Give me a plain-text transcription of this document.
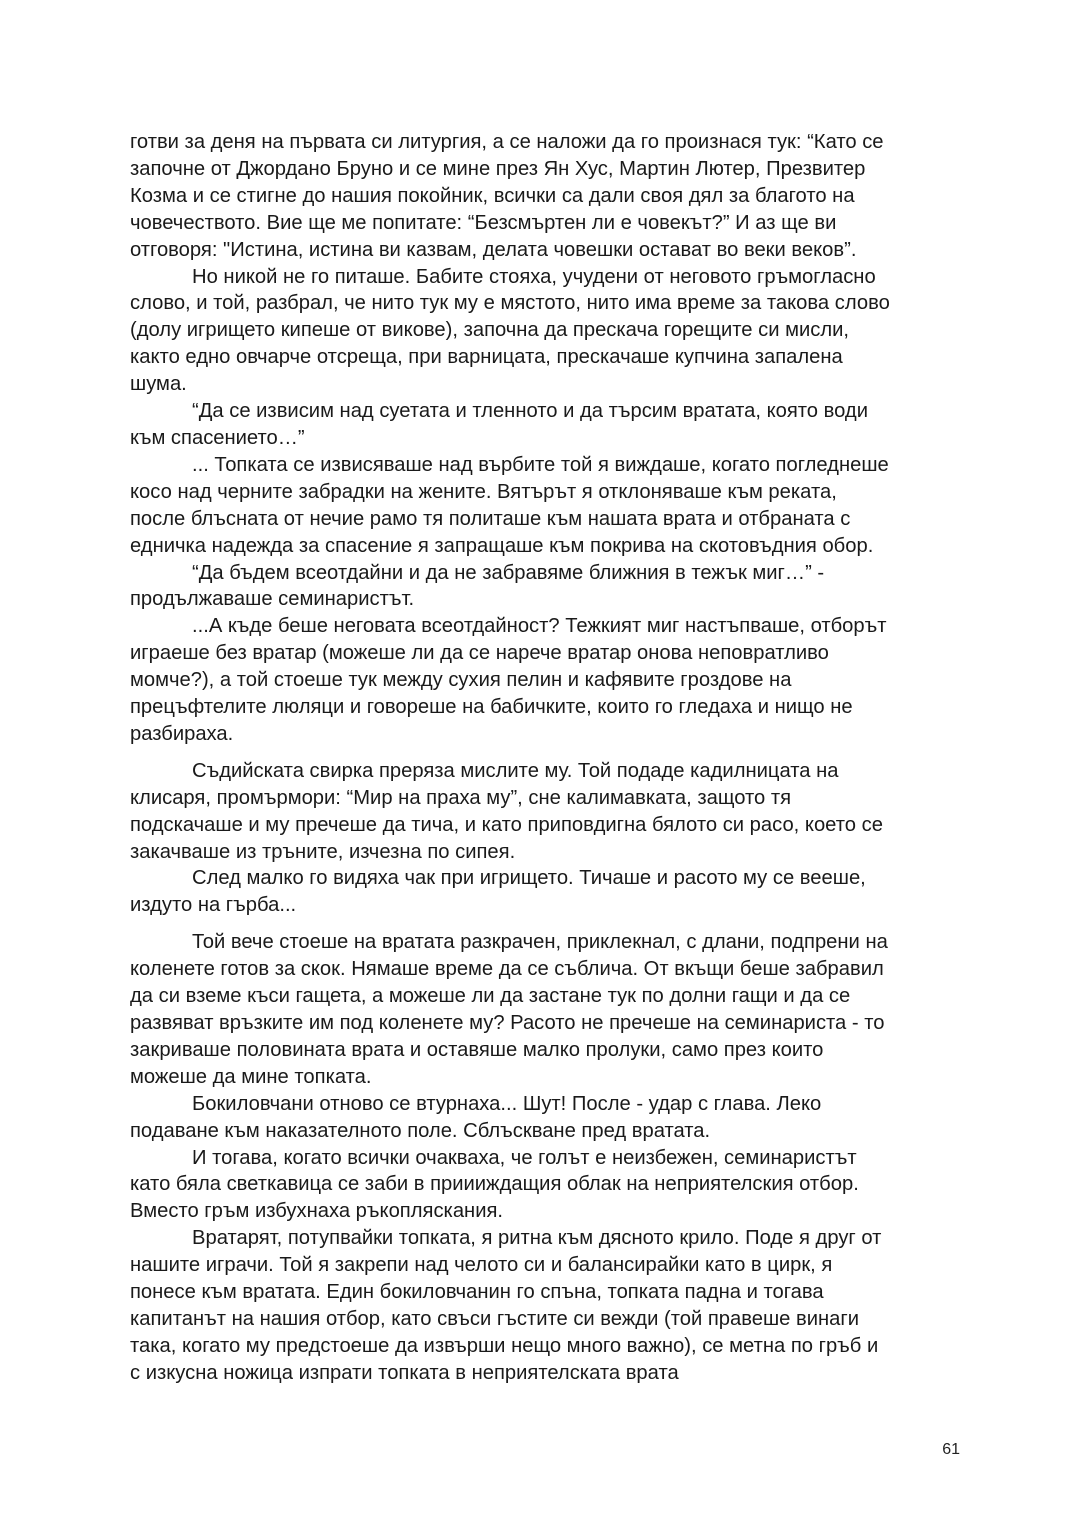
готви за деня на първата си литургия, а се наложи да го произнася тук: “Като се

започне от Джордано Бруно и се мине през Ян Хус, Мартин Лютер, Презвитер

Козма и се стигне до нашия покойник, всички са дали своя дял за благото на

човечеството. Вие ще ме попитате: “Безсмъртен ли е човекът?” И аз ще ви

отговоря: "Истина, истина ви казвам, делата човешки остават во веки веков”.

Но никой не го питаше. Бабите стояха, учудени от неговото гръмогласно

слово, и той, разбрал, че нито тук му е мястото, нито има време за такова слово

(долу игрището кипеше от викове), започна да прескача горещите си мисли,

както едно овчарче отсреща, при варницата, прескачаше купчина запалена

шума.

“Да се извисим над суетата и тленното и да търсим вратата, която води

към спасението…”

... Топката се извисяваше над върбите той я виждаше, когато погледнеше

косо над черните забрадки на жените. Вятърът я отклоняваше към реката,

после блъсната от нечие рамо тя политаше към нашата врата и отбраната с

едничка надежда за спасение я запращаше към покрива на скотовъдния обор.

“Да бъдем всеотдайни и да не забравяме ближния в тежък миг…” -

продължаваше семинаристът.

...А къде беше неговата всеотдайност? Тежкият миг настъпваше, отборът

играеше без вратар (можеше ли да се нарече вратар онова неповратливо

момче?), а той стоеше тук между сухия пелин и кафявите гроздове на

прецъфтелите люляци и говореше на бабичките, които го гледаха и нищо не

разбираха.

Съдийската свирка преряза мислите му. Той подаде кадилницата на

клисаря, промърмори: “Мир на праха му”, сне калимавката, защото тя

подскачаше и му пречеше да тича, и като приповдигна бялото си расо, което се

закачваше из тръните, изчезна по сипея.

След малко го видяха чак при игрището. Тичаше и расото му се вееше,

издуто на гърба...

Той вече стоеше на вратата разкрачен, приклекнал, с длани, подпрени на

коленете готов за скок. Нямаше време да се съблича. От вкъщи беше забравил

да си вземе къси гащета, а можеше ли да застане тук по долни гащи и да се

развяват връзките им под коленете му? Расото не пречеше на семинариста - то

закриваше половината врата и оставяше малко пролуки, само през които

можеше да мине топката.

Бокиловчани отново се втурнаха... Шут! После - удар с глава. Леко

подаване към наказателното поле. Сблъскване пред вратата.

И тогава, когато всички очакваха, че голът е неизбежен, семинаристът

като бяла светкавица се заби в приииждащия облак на неприятелския отбор.

Вместо гръм избухнаха ръкопляскания.

Вратарят, потупвайки топката, я ритна към дясното крило. Поде я друг от

нашите играчи. Той я закрепи над челото си и балансирайки като в цирк, я

понесе към вратата. Един бокиловчанин го спъна, топката падна и тогава

капитанът на нашия отбор, като свъси гъстите си вежди (той правеше винаги

така, когато му предстоеше да извърши нещо много важно), се метна по гръб и

с изкусна ножица изпрати топката в неприятелската врата

61
